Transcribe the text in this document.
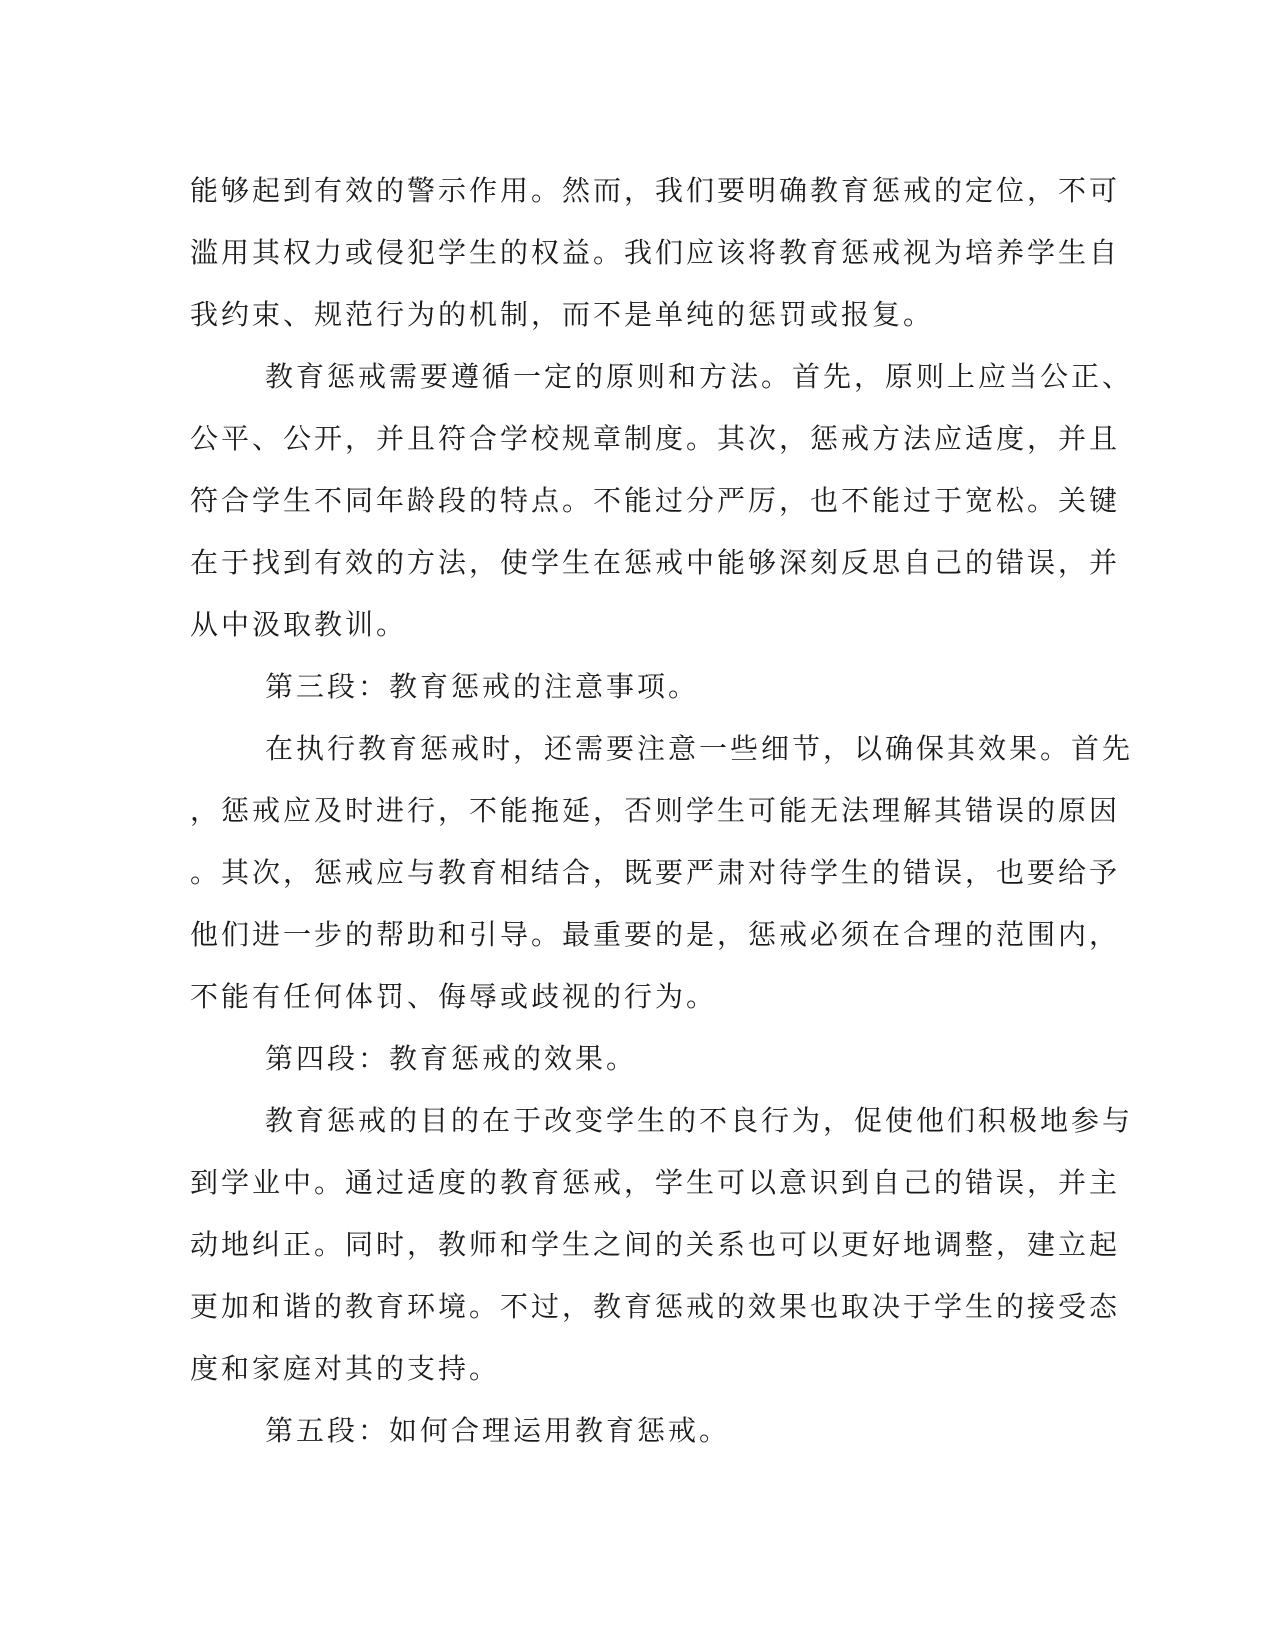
能够起到有效的警示作用。然而，我们要明确教育惩戒的定位，不可
滥用其权力或侵犯学生的权益。我们应该将教育惩戒视为培养学生自
我约束、规范行为的机制，而不是单纯的惩罚或报复。
教育惩戒需要遵循一定的原则和方法。首先，原则上应当公正、
公平、公开，并且符合学校规章制度。其次，惩戒方法应适度，并且
符合学生不同年龄段的特点。不能过分严厉，也不能过于宽松。关键
在于找到有效的方法，使学生在惩戒中能够深刻反思自己的错误，并
从中汲取教训。
第三段：教育惩戒的注意事项。
在执行教育惩戒时，还需要注意一些细节，以确保其效果。首先
，惩戒应及时进行，不能拖延，否则学生可能无法理解其错误的原因
。其次，惩戒应与教育相结合，既要严肃对待学生的错误，也要给予
他们进一步的帮助和引导。最重要的是，惩戒必须在合理的范围内，
不能有任何体罚、侮辱或歧视的行为。
第四段：教育惩戒的效果。
教育惩戒的目的在于改变学生的不良行为，促使他们积极地参与
到学业中。通过适度的教育惩戒，学生可以意识到自己的错误，并主
动地纠正。同时，教师和学生之间的关系也可以更好地调整，建立起
更加和谐的教育环境。不过，教育惩戒的效果也取决于学生的接受态
度和家庭对其的支持。
第五段：如何合理运用教育惩戒。
